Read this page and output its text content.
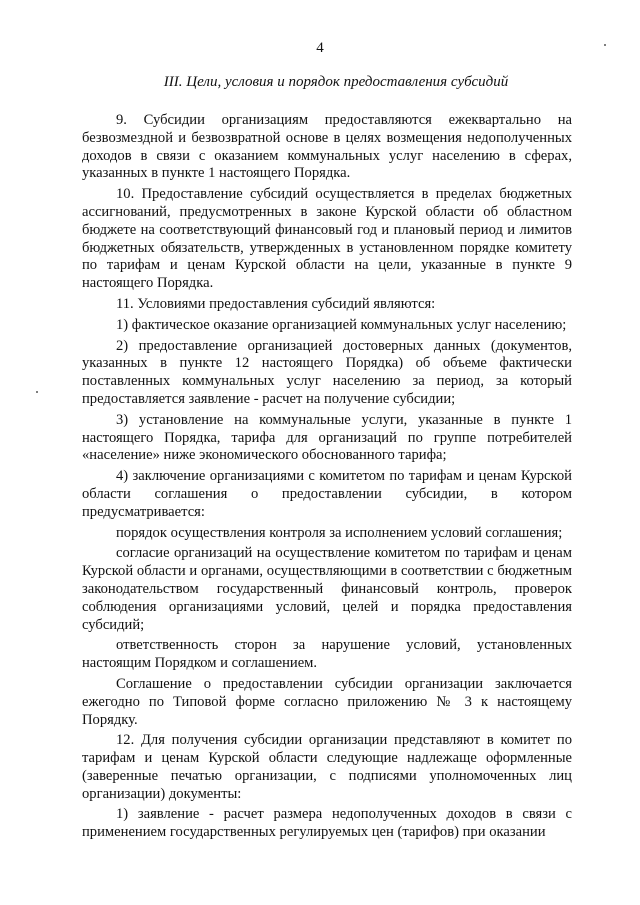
4
III. Цели, условия и порядок предоставления субсидий

9. Субсидии организациям предоставляются ежеквартально на безвозмездной и безвозвратной основе в целях возмещения недополученных доходов в связи с оказанием коммунальных услуг населению в сферах, указанных в пункте 1 настоящего Порядка.

10. Предоставление субсидий осуществляется в пределах бюджетных ассигнований, предусмотренных в законе Курской области об областном бюджете на соответствующий финансовый год и плановый период и лимитов бюджетных обязательств, утвержденных в установленном порядке комитету по тарифам и ценам Курской области на цели, указанные в пункте 9 настоящего Порядка.

11. Условиями предоставления субсидий являются:

1) фактическое оказание организацией коммунальных услуг населению;

2) предоставление организацией достоверных данных (документов, указанных в пункте 12 настоящего Порядка) об объеме фактически поставленных коммунальных услуг населению за период, за который предоставляется заявление - расчет на получение субсидии;

3) установление на коммунальные услуги, указанные в пункте 1 настоящего Порядка, тарифа для организаций по группе потребителей «население» ниже экономического обоснованного тарифа;

4) заключение организациями с комитетом по тарифам и ценам Курской области соглашения о предоставлении субсидии, в котором предусматривается:

порядок осуществления контроля за исполнением условий соглашения;

согласие организаций на осуществление комитетом по тарифам и ценам Курской области и органами, осуществляющими в соответствии с бюджетным законодательством государственный финансовый контроль, проверок соблюдения организациями условий, целей и порядка предоставления субсидий;

ответственность сторон за нарушение условий, установленных настоящим Порядком и соглашением.

Соглашение о предоставлении субсидии организации заключается ежегодно по Типовой форме согласно приложению № 3 к настоящему Порядку.

12. Для получения субсидии организации представляют в комитет по тарифам и ценам Курской области следующие надлежаще оформленные (заверенные печатью организации, с подписями уполномоченных лиц организации) документы:

1) заявление - расчет размера недополученных доходов в связи с применением государственных регулируемых цен (тарифов) при оказании
